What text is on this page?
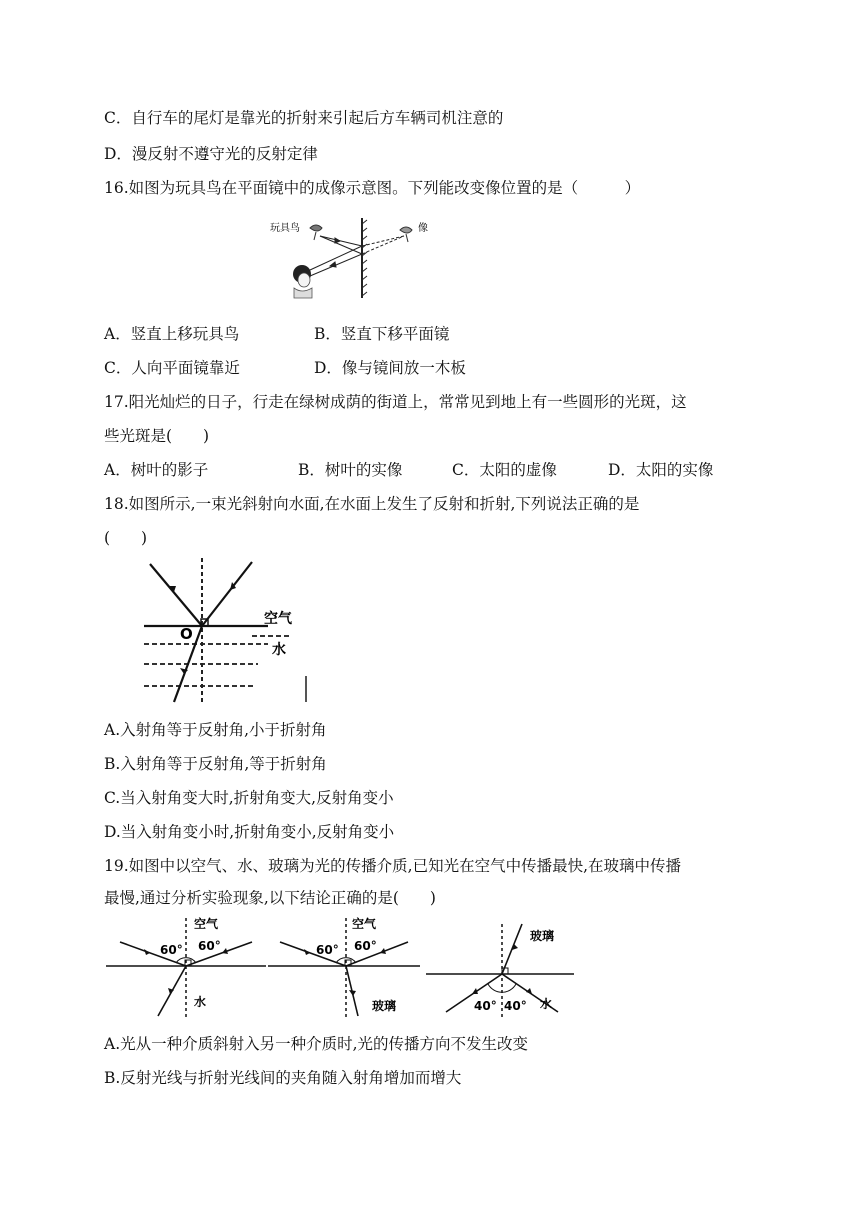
C．自行车的尾灯是靠光的折射来引起后方车辆司机注意的
D．漫反射不遵守光的反射定律
16.如图为玩具鸟在平面镜中的成像示意图。下列能改变像位置的是（　　　）
玩具鸟	像
A．竖直上移玩具鸟	B．竖直下移平面镜
C．人向平面镜靠近	D．像与镜间放一木板
17.阳光灿烂的日子，行走在绿树成荫的街道上，常常见到地上有一些圆形的光斑，这
些光斑是(　　)
A．树叶的影子	B．树叶的实像	C．太阳的虚像	D．太阳的实像
18.如图所示,一束光斜射向水面,在水面上发生了反射和折射,下列说法正确的是
(　　)
O
空气
水
A.入射角等于反射角,小于折射角
B.入射角等于反射角,等于折射角
C.当入射角变大时,折射角变大,反射角变小
D.当入射角变小时,折射角变小,反射角变小
19.如图中以空气、水、玻璃为光的传播介质,已知光在空气中传播最快,在玻璃中传播
最慢,通过分析实验现象,以下结论正确的是(　　)
空气
60° 60°
水
空气
60° 60°
玻璃
玻璃
40° 40° 水
A.光从一种介质斜射入另一种介质时,光的传播方向不发生改变
B.反射光线与折射光线间的夹角随入射角增加而增大
